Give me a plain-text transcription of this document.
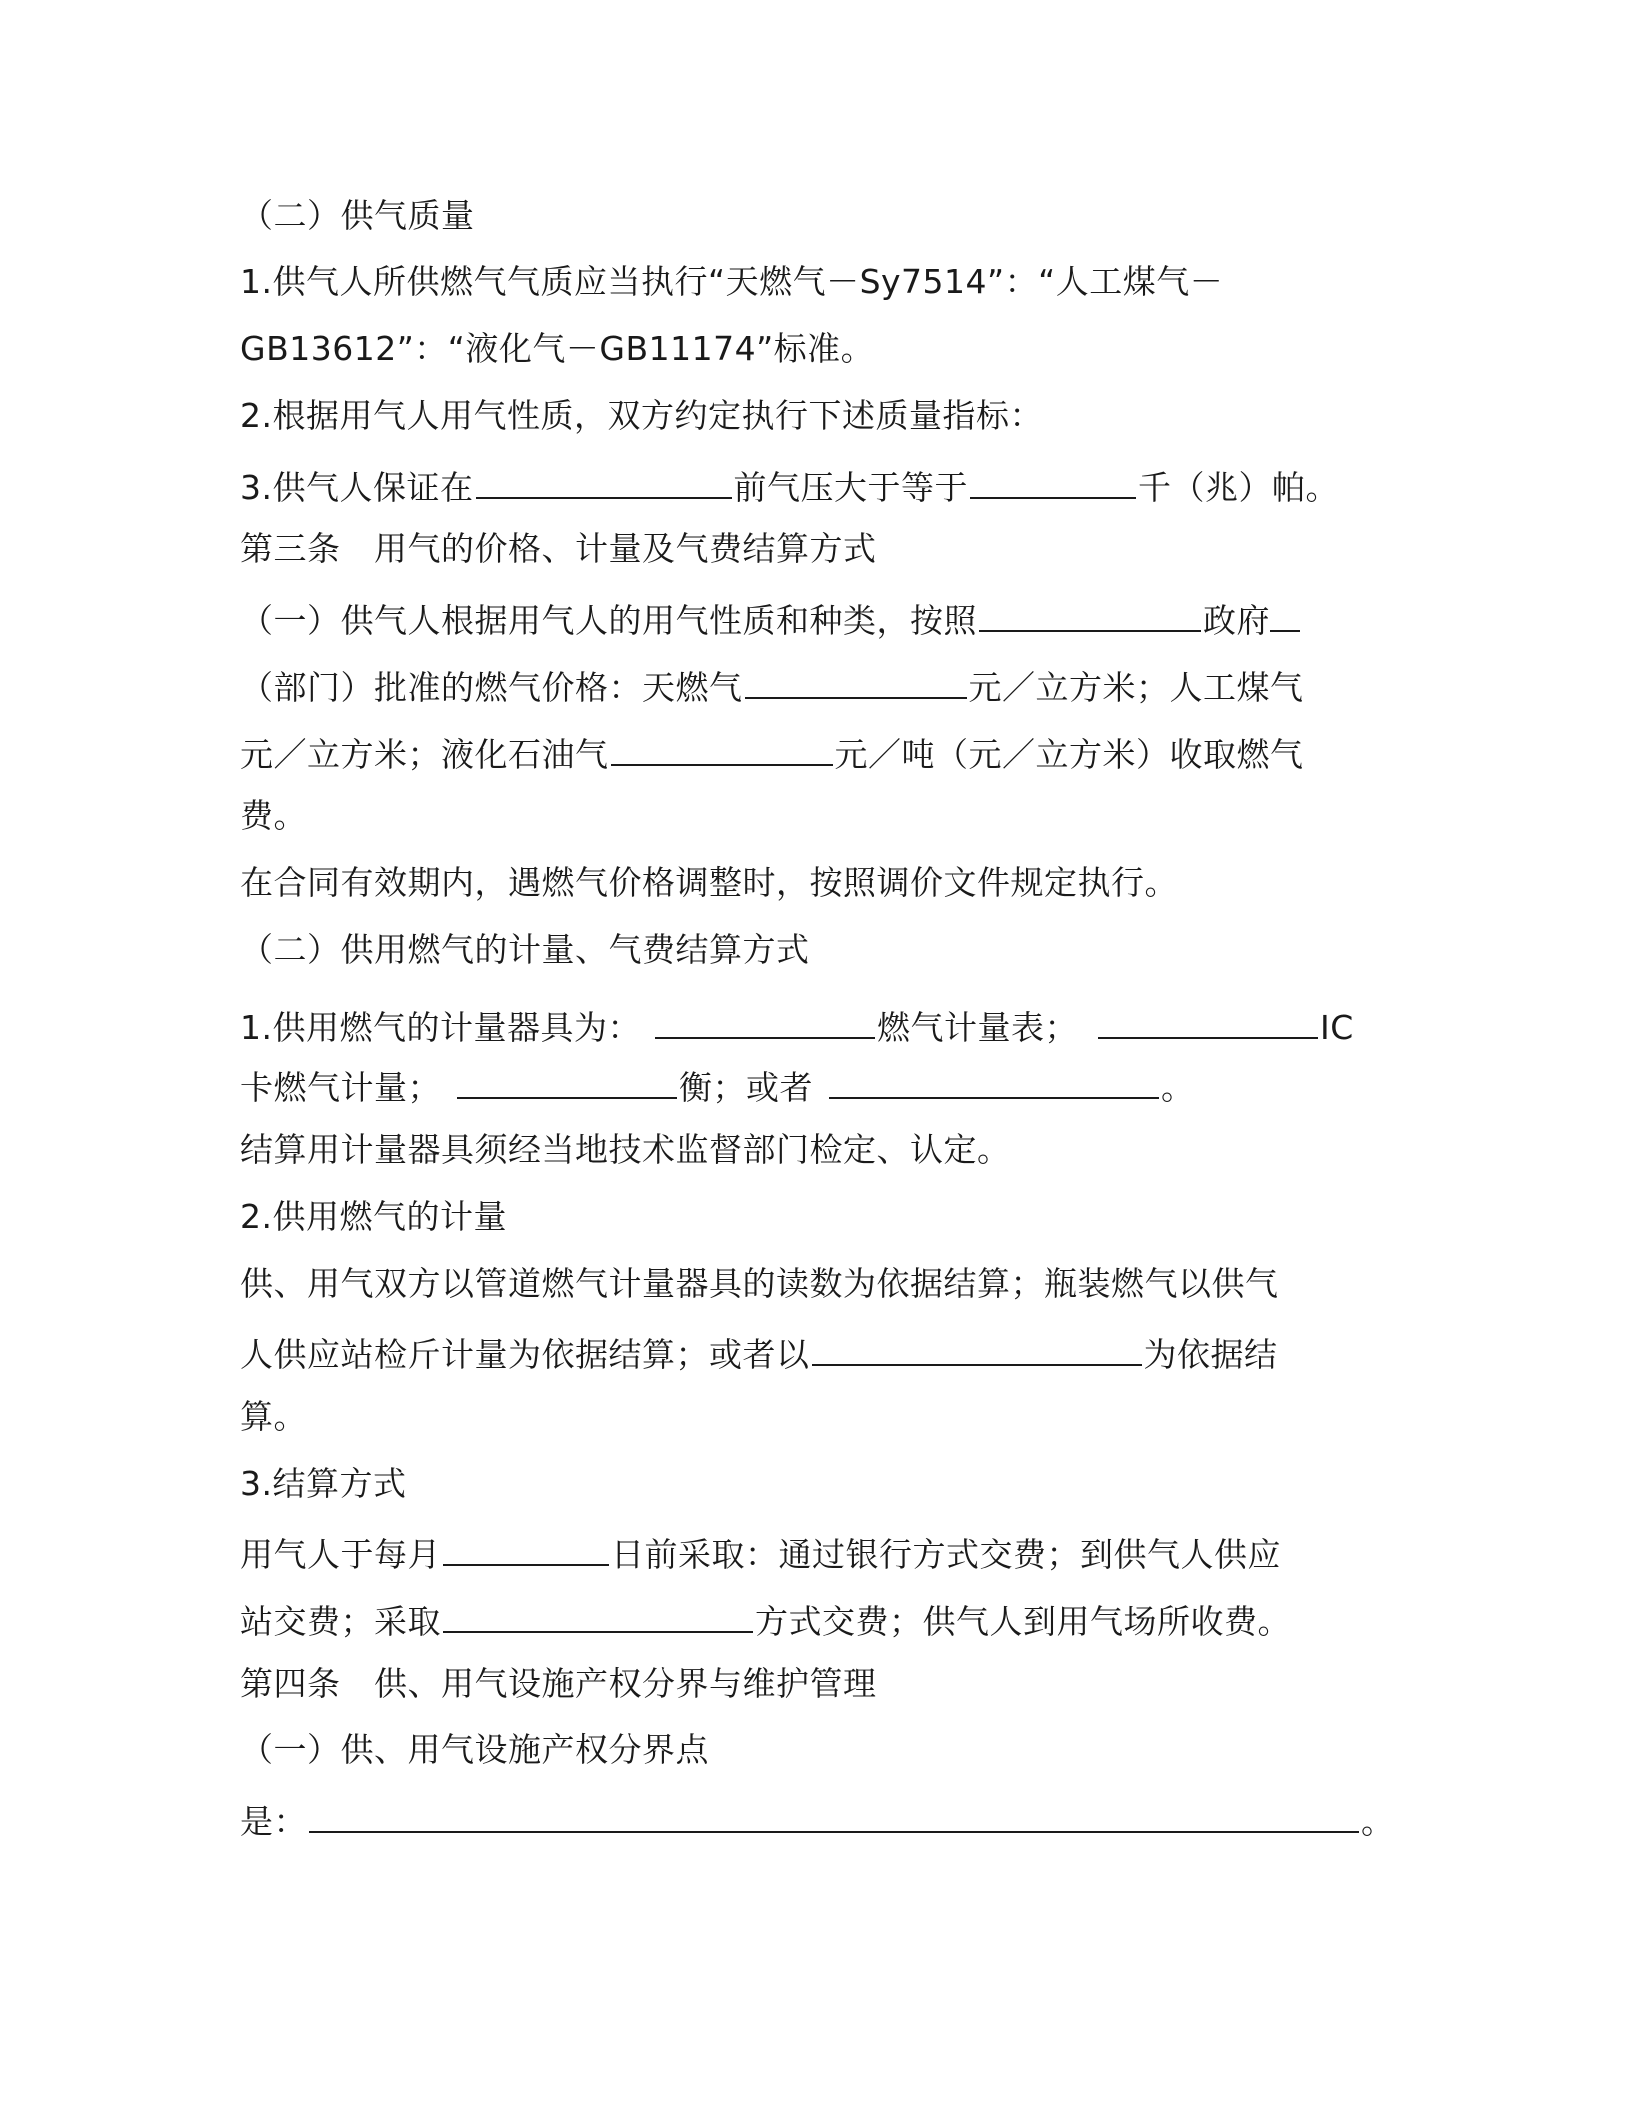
（二）供气质量
1.供气人所供燃气气质应当执行“天燃气－Sy7514”：“人工煤气－
GB13612”：“液化气－GB11174”标准。
2.根据用气人用气性质，双方约定执行下述质量指标：
3.供气人保证在	前气压大于等于	千（兆）帕。
第三条　用气的价格、计量及气费结算方式
（一）供气人根据用气人的用气性质和种类，按照	政府
（部门）批准的燃气价格：天燃气	元／立方米；人工煤气
元／立方米；液化石油气	元／吨（元／立方米）收取燃气
费。
在合同有效期内，遇燃气价格调整时，按照调价文件规定执行。
（二）供用燃气的计量、气费结算方式
1.供用燃气的计量器具为：	燃气计量表；	IC
卡燃气计量；	衡；或者	。
结算用计量器具须经当地技术监督部门检定、认定。
2.供用燃气的计量
供、用气双方以管道燃气计量器具的读数为依据结算；瓶装燃气以供气
人供应站检斤计量为依据结算；或者以	为依据结
算。
3.结算方式
用气人于每月	日前采取：通过银行方式交费；到供气人供应
站交费；采取	方式交费；供气人到用气场所收费。
第四条　供、用气设施产权分界与维护管理
（一）供、用气设施产权分界点
是：	。
